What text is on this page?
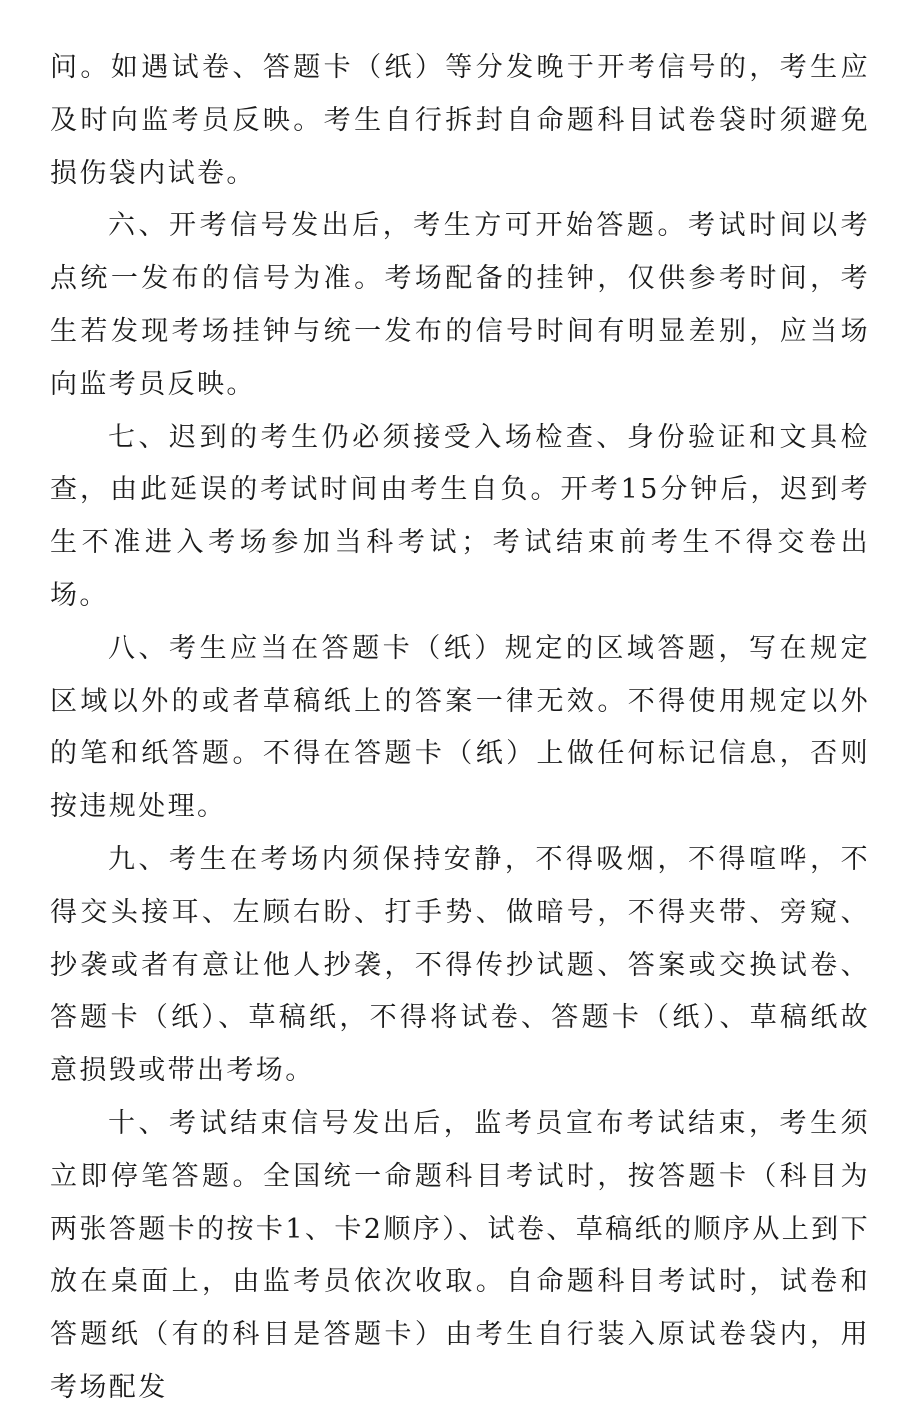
问。如遇试卷、答题卡（纸）等分发晚于开考信号的，考生应及时向监考员反映。考生自行拆封自命题科目试卷袋时须避免损伤袋内试卷。

六、开考信号发出后，考生方可开始答题。考试时间以考点统一发布的信号为准。考场配备的挂钟，仅供参考时间，考生若发现考场挂钟与统一发布的信号时间有明显差别，应当场向监考员反映。

七、迟到的考生仍必须接受入场检查、身份验证和文具检查，由此延误的考试时间由考生自负。开考15分钟后，迟到考生不准进入考场参加当科考试；考试结束前考生不得交卷出场。

八、考生应当在答题卡（纸）规定的区域答题，写在规定区域以外的或者草稿纸上的答案一律无效。不得使用规定以外的笔和纸答题。不得在答题卡（纸）上做任何标记信息，否则按违规处理。

九、考生在考场内须保持安静，不得吸烟，不得喧哗，不得交头接耳、左顾右盼、打手势、做暗号，不得夹带、旁窥、抄袭或者有意让他人抄袭，不得传抄试题、答案或交换试卷、答题卡（纸）、草稿纸，不得将试卷、答题卡（纸）、草稿纸故意损毁或带出考场。

十、考试结束信号发出后，监考员宣布考试结束，考生须立即停笔答题。全国统一命题科目考试时，按答题卡（科目为两张答题卡的按卡1、卡2顺序）、试卷、草稿纸的顺序从上到下放在桌面上，由监考员依次收取。自命题科目考试时，试卷和答题纸（有的科目是答题卡）由考生自行装入原试卷袋内，用考场配发
